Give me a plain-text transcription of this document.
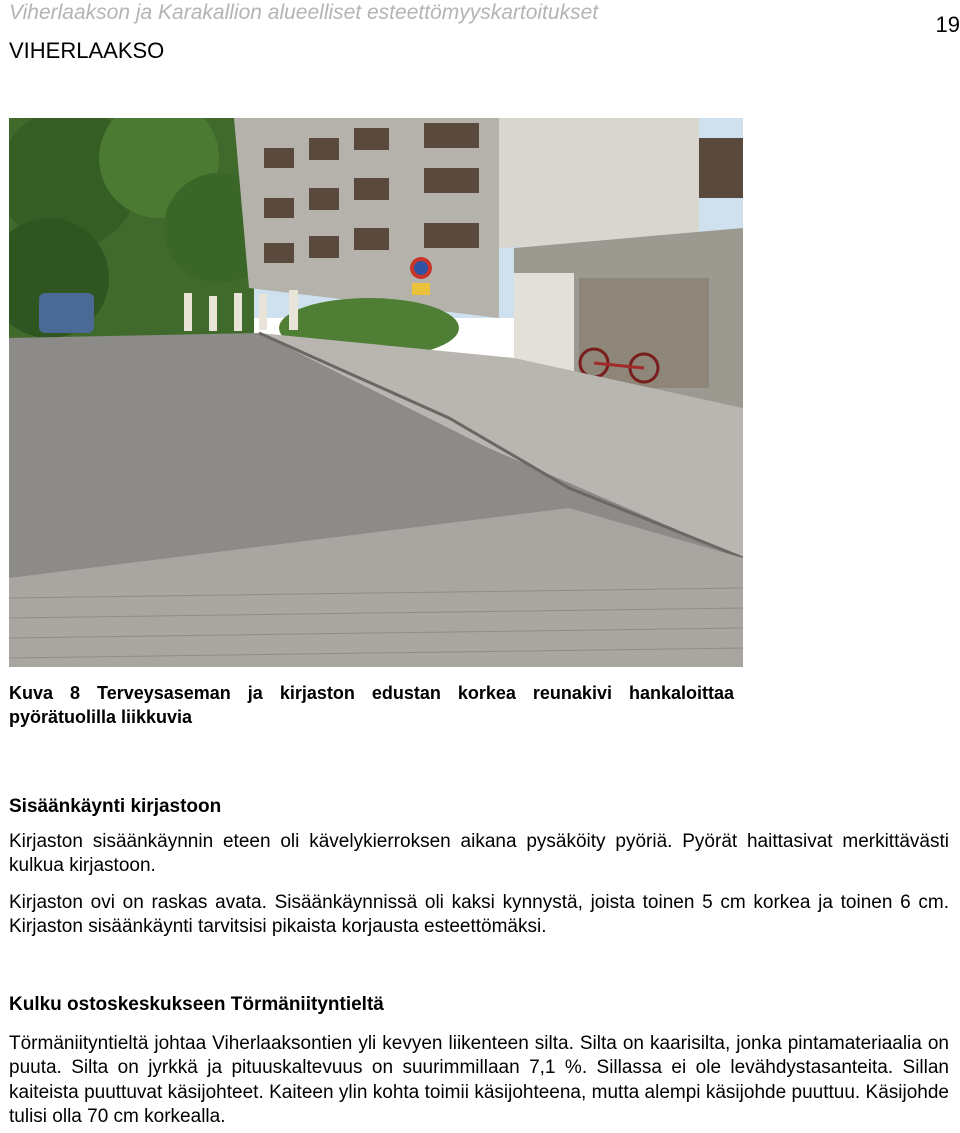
Viherlaakson ja Karakallion alueelliset esteettömyyskartoitukset	19
VIHERLAAKSO
Kuva 8 Terveysaseman ja kirjaston edustan korkea reunakivi hankaloittaa pyörätuolilla liikkuvia

Sisäänkäynti kirjastoon

Kirjaston sisäänkäynnin eteen oli kävelykierroksen aikana pysäköity pyöriä. Pyörät haittasivat merkittävästi kulkua kirjastoon.

Kirjaston ovi on raskas avata. Sisäänkäynnissä oli kaksi kynnystä, joista toinen 5 cm korkea ja toinen 6 cm. Kirjaston sisäänkäynti tarvitsisi pikaista korjausta esteettömäksi.

Kulku ostoskeskukseen Törmäniityntieltä

Törmäniityntieltä johtaa Viherlaaksontien yli kevyen liikenteen silta. Silta on kaarisilta, jonka pintamateriaalia on puuta. Silta on jyrkkä ja pituuskaltevuus on suurimmillaan 7,1 %. Sillassa ei ole levähdystasanteita. Sillan kaiteista puuttuvat käsijohteet. Kaiteen ylin kohta toimii käsijohteena, mutta alempi käsijohde puuttuu. Käsijohde tulisi olla 70 cm korkealla.
